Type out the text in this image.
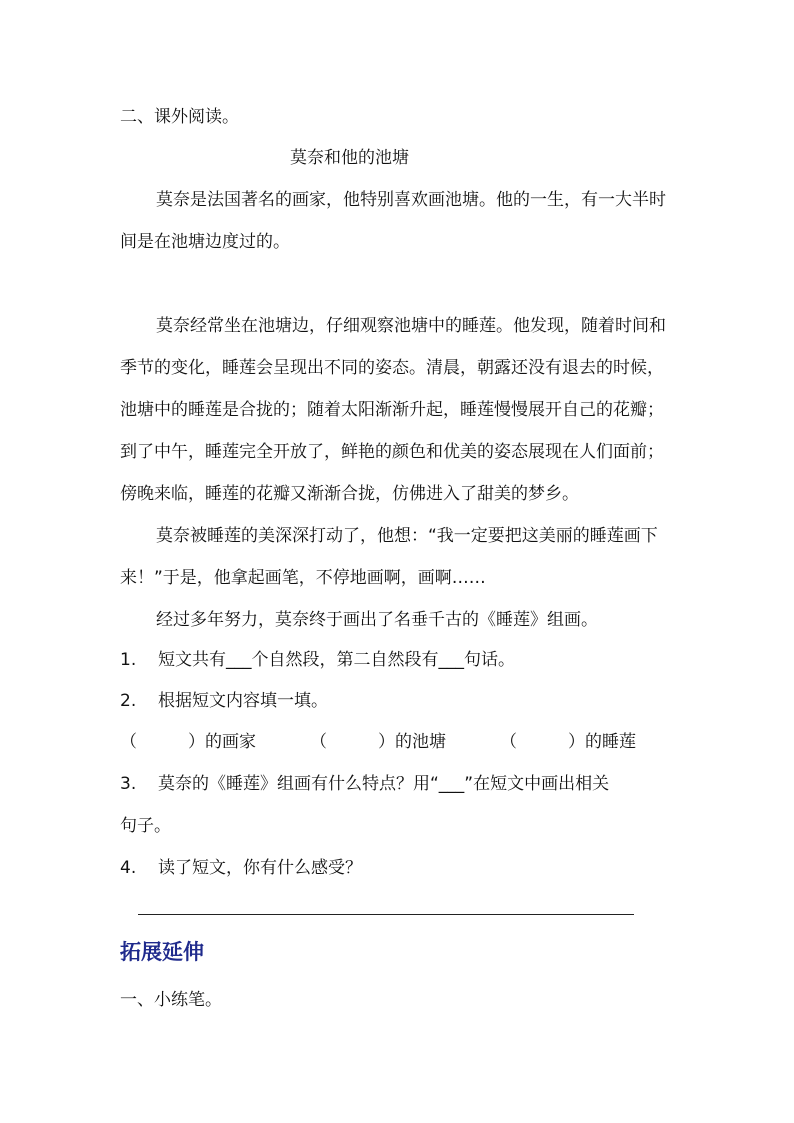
二、课外阅读。
莫奈和他的池塘
莫奈是法国著名的画家，他特别喜欢画池塘。他的一生，有一大半时间是在池塘边度过的。
莫奈经常坐在池塘边，仔细观察池塘中的睡莲。他发现，随着时间和季节的变化，睡莲会呈现出不同的姿态。清晨，朝露还没有退去的时候，池塘中的睡莲是合拢的；随着太阳渐渐升起，睡莲慢慢展开自己的花瓣；到了中午，睡莲完全开放了，鲜艳的颜色和优美的姿态展现在人们面前；傍晚来临，睡莲的花瓣又渐渐合拢，仿佛进入了甜美的梦乡。
莫奈被睡莲的美深深打动了，他想：“我一定要把这美丽的睡莲画下来！”于是，他拿起画笔，不停地画啊，画啊……
经过多年努力，莫奈终于画出了名垂千古的《睡莲》组画。
1. 短文共有___个自然段，第二自然段有___句话。
2. 根据短文内容填一填。
（　　　）的画家	（　　　）的池塘	（　　　）的睡莲
3. 莫奈的《睡莲》组画有什么特点？用“___”在短文中画出相关
句子。
4. 读了短文，你有什么感受？
拓展延伸
一、小练笔。
